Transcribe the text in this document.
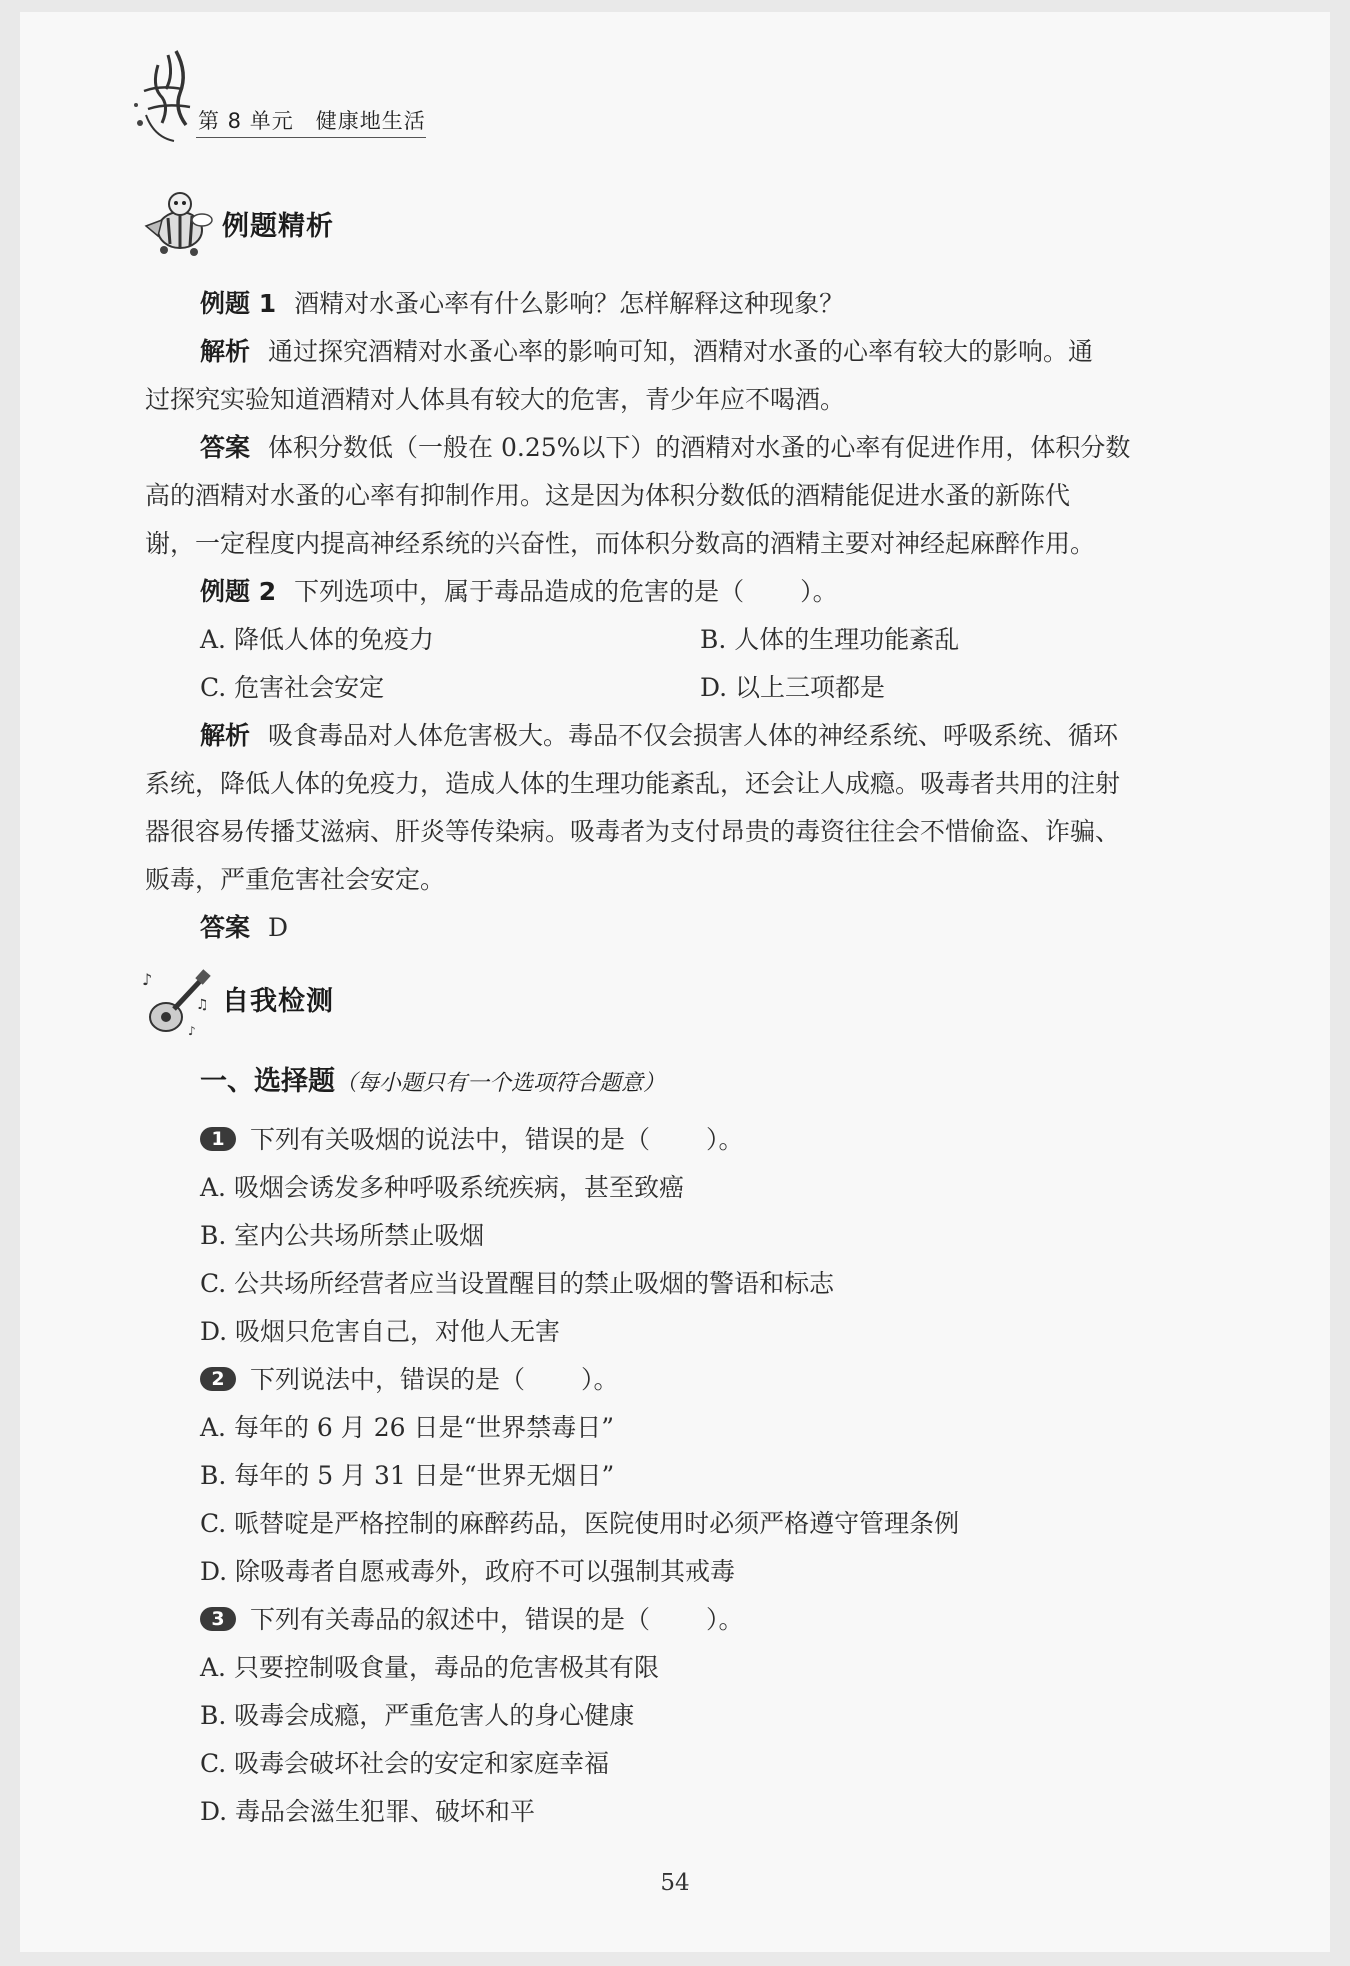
第 8 单元 健康地生活
例题精析
例题 1 酒精对水蚤心率有什么影响？怎样解释这种现象？
解析 通过探究酒精对水蚤心率的影响可知，酒精对水蚤的心率有较大的影响。通
过探究实验知道酒精对人体具有较大的危害，青少年应不喝酒。
答案 体积分数低（一般在 0.25%以下）的酒精对水蚤的心率有促进作用，体积分数
高的酒精对水蚤的心率有抑制作用。这是因为体积分数低的酒精能促进水蚤的新陈代
谢，一定程度内提高神经系统的兴奋性，而体积分数高的酒精主要对神经起麻醉作用。
例题 2 下列选项中，属于毒品造成的危害的是（ ）。
A. 降低人体的免疫力	B. 人体的生理功能紊乱
C. 危害社会安定	D. 以上三项都是
解析 吸食毒品对人体危害极大。毒品不仅会损害人体的神经系统、呼吸系统、循环
系统，降低人体的免疫力，造成人体的生理功能紊乱，还会让人成瘾。吸毒者共用的注射
器很容易传播艾滋病、肝炎等传染病。吸毒者为支付昂贵的毒资往往会不惜偷盗、诈骗、
贩毒，严重危害社会安定。
答案 D
♪
♫
♪
自我检测
一、选择题（每小题只有一个选项符合题意）
1 下列有关吸烟的说法中，错误的是（ ）。
A. 吸烟会诱发多种呼吸系统疾病，甚至致癌
B. 室内公共场所禁止吸烟
C. 公共场所经营者应当设置醒目的禁止吸烟的警语和标志
D. 吸烟只危害自己，对他人无害
2 下列说法中，错误的是（ ）。
A. 每年的 6 月 26 日是“世界禁毒日”
B. 每年的 5 月 31 日是“世界无烟日”
C. 哌替啶是严格控制的麻醉药品，医院使用时必须严格遵守管理条例
D. 除吸毒者自愿戒毒外，政府不可以强制其戒毒
3 下列有关毒品的叙述中，错误的是（ ）。
A. 只要控制吸食量，毒品的危害极其有限
B. 吸毒会成瘾，严重危害人的身心健康
C. 吸毒会破坏社会的安定和家庭幸福
D. 毒品会滋生犯罪、破坏和平
54
